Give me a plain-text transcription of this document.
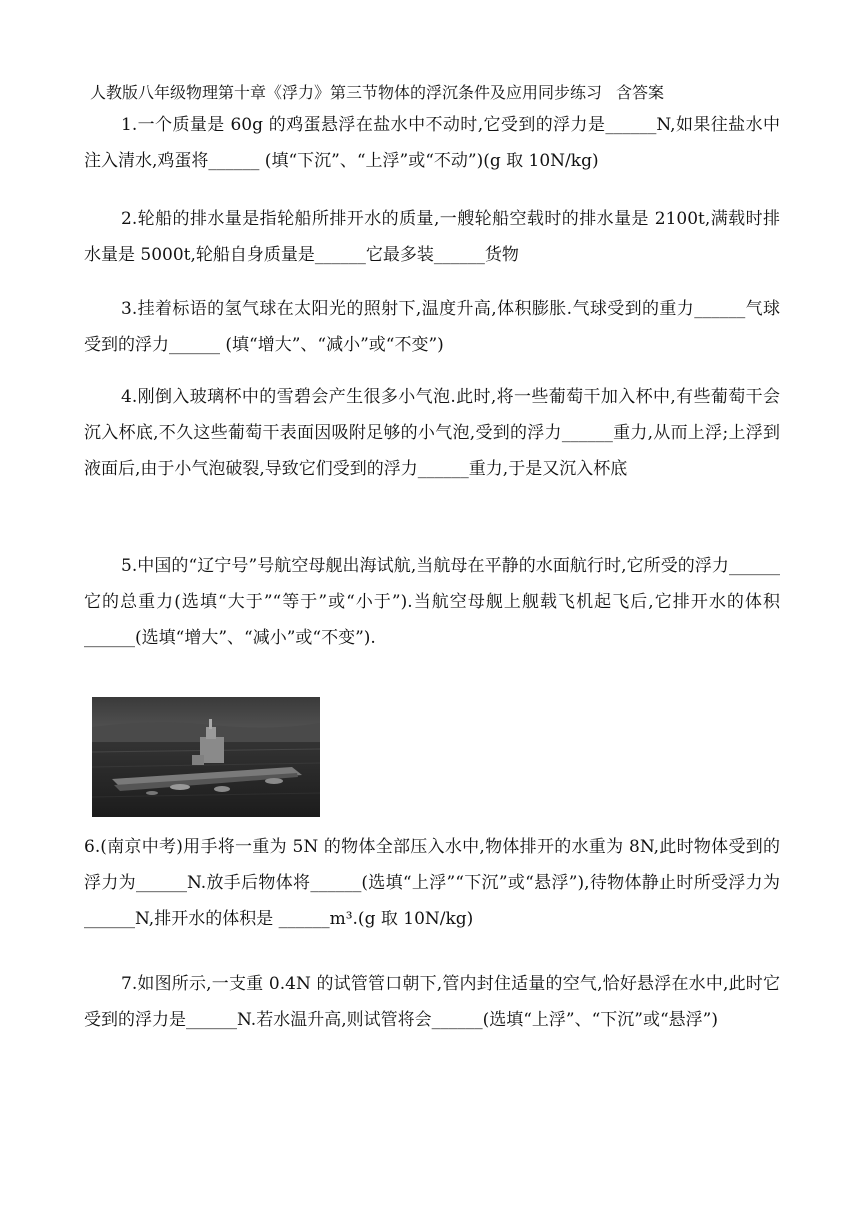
人教版八年级物理第十章《浮力》第三节物体的浮沉条件及应用同步练习 含答案
1.一个质量是 60g 的鸡蛋悬浮在盐水中不动时,它受到的浮力是______N,如果往盐水中注入清水,鸡蛋将______ (填“下沉”、“上浮”或“不动”)(g 取 10N/kg)
2.轮船的排水量是指轮船所排开水的质量,一艘轮船空载时的排水量是 2100t,满载时排水量是 5000t,轮船自身质量是______它最多装______货物
3.挂着标语的氢气球在太阳光的照射下,温度升高,体积膨胀.气球受到的重力______气球受到的浮力______ (填“增大”、“减小”或“不变”)
4.刚倒入玻璃杯中的雪碧会产生很多小气泡.此时,将一些葡萄干加入杯中,有些葡萄干会沉入杯底,不久这些葡萄干表面因吸附足够的小气泡,受到的浮力______重力,从而上浮;上浮到液面后,由于小气泡破裂,导致它们受到的浮力______重力,于是又沉入杯底
5.中国的“辽宁号”号航空母舰出海试航,当航母在平静的水面航行时,它所受的浮力______它的总重力(选填“大于”“等于”或“小于”).当航空母舰上舰载飞机起飞后,它排开水的体积______(选填“增大”、“减小”或“不变”).
6.(南京中考)用手将一重为 5N 的物体全部压入水中,物体排开的水重为 8N,此时物体受到的浮力为______N.放手后物体将______(选填“上浮”“下沉”或“悬浮”),待物体静止时所受浮力为______N,排开水的体积是 ______m³.(g 取 10N/kg)
7.如图所示,一支重 0.4N 的试管管口朝下,管内封住适量的空气,恰好悬浮在水中,此时它受到的浮力是______N.若水温升高,则试管将会______(选填“上浮”、“下沉”或“悬浮”)
